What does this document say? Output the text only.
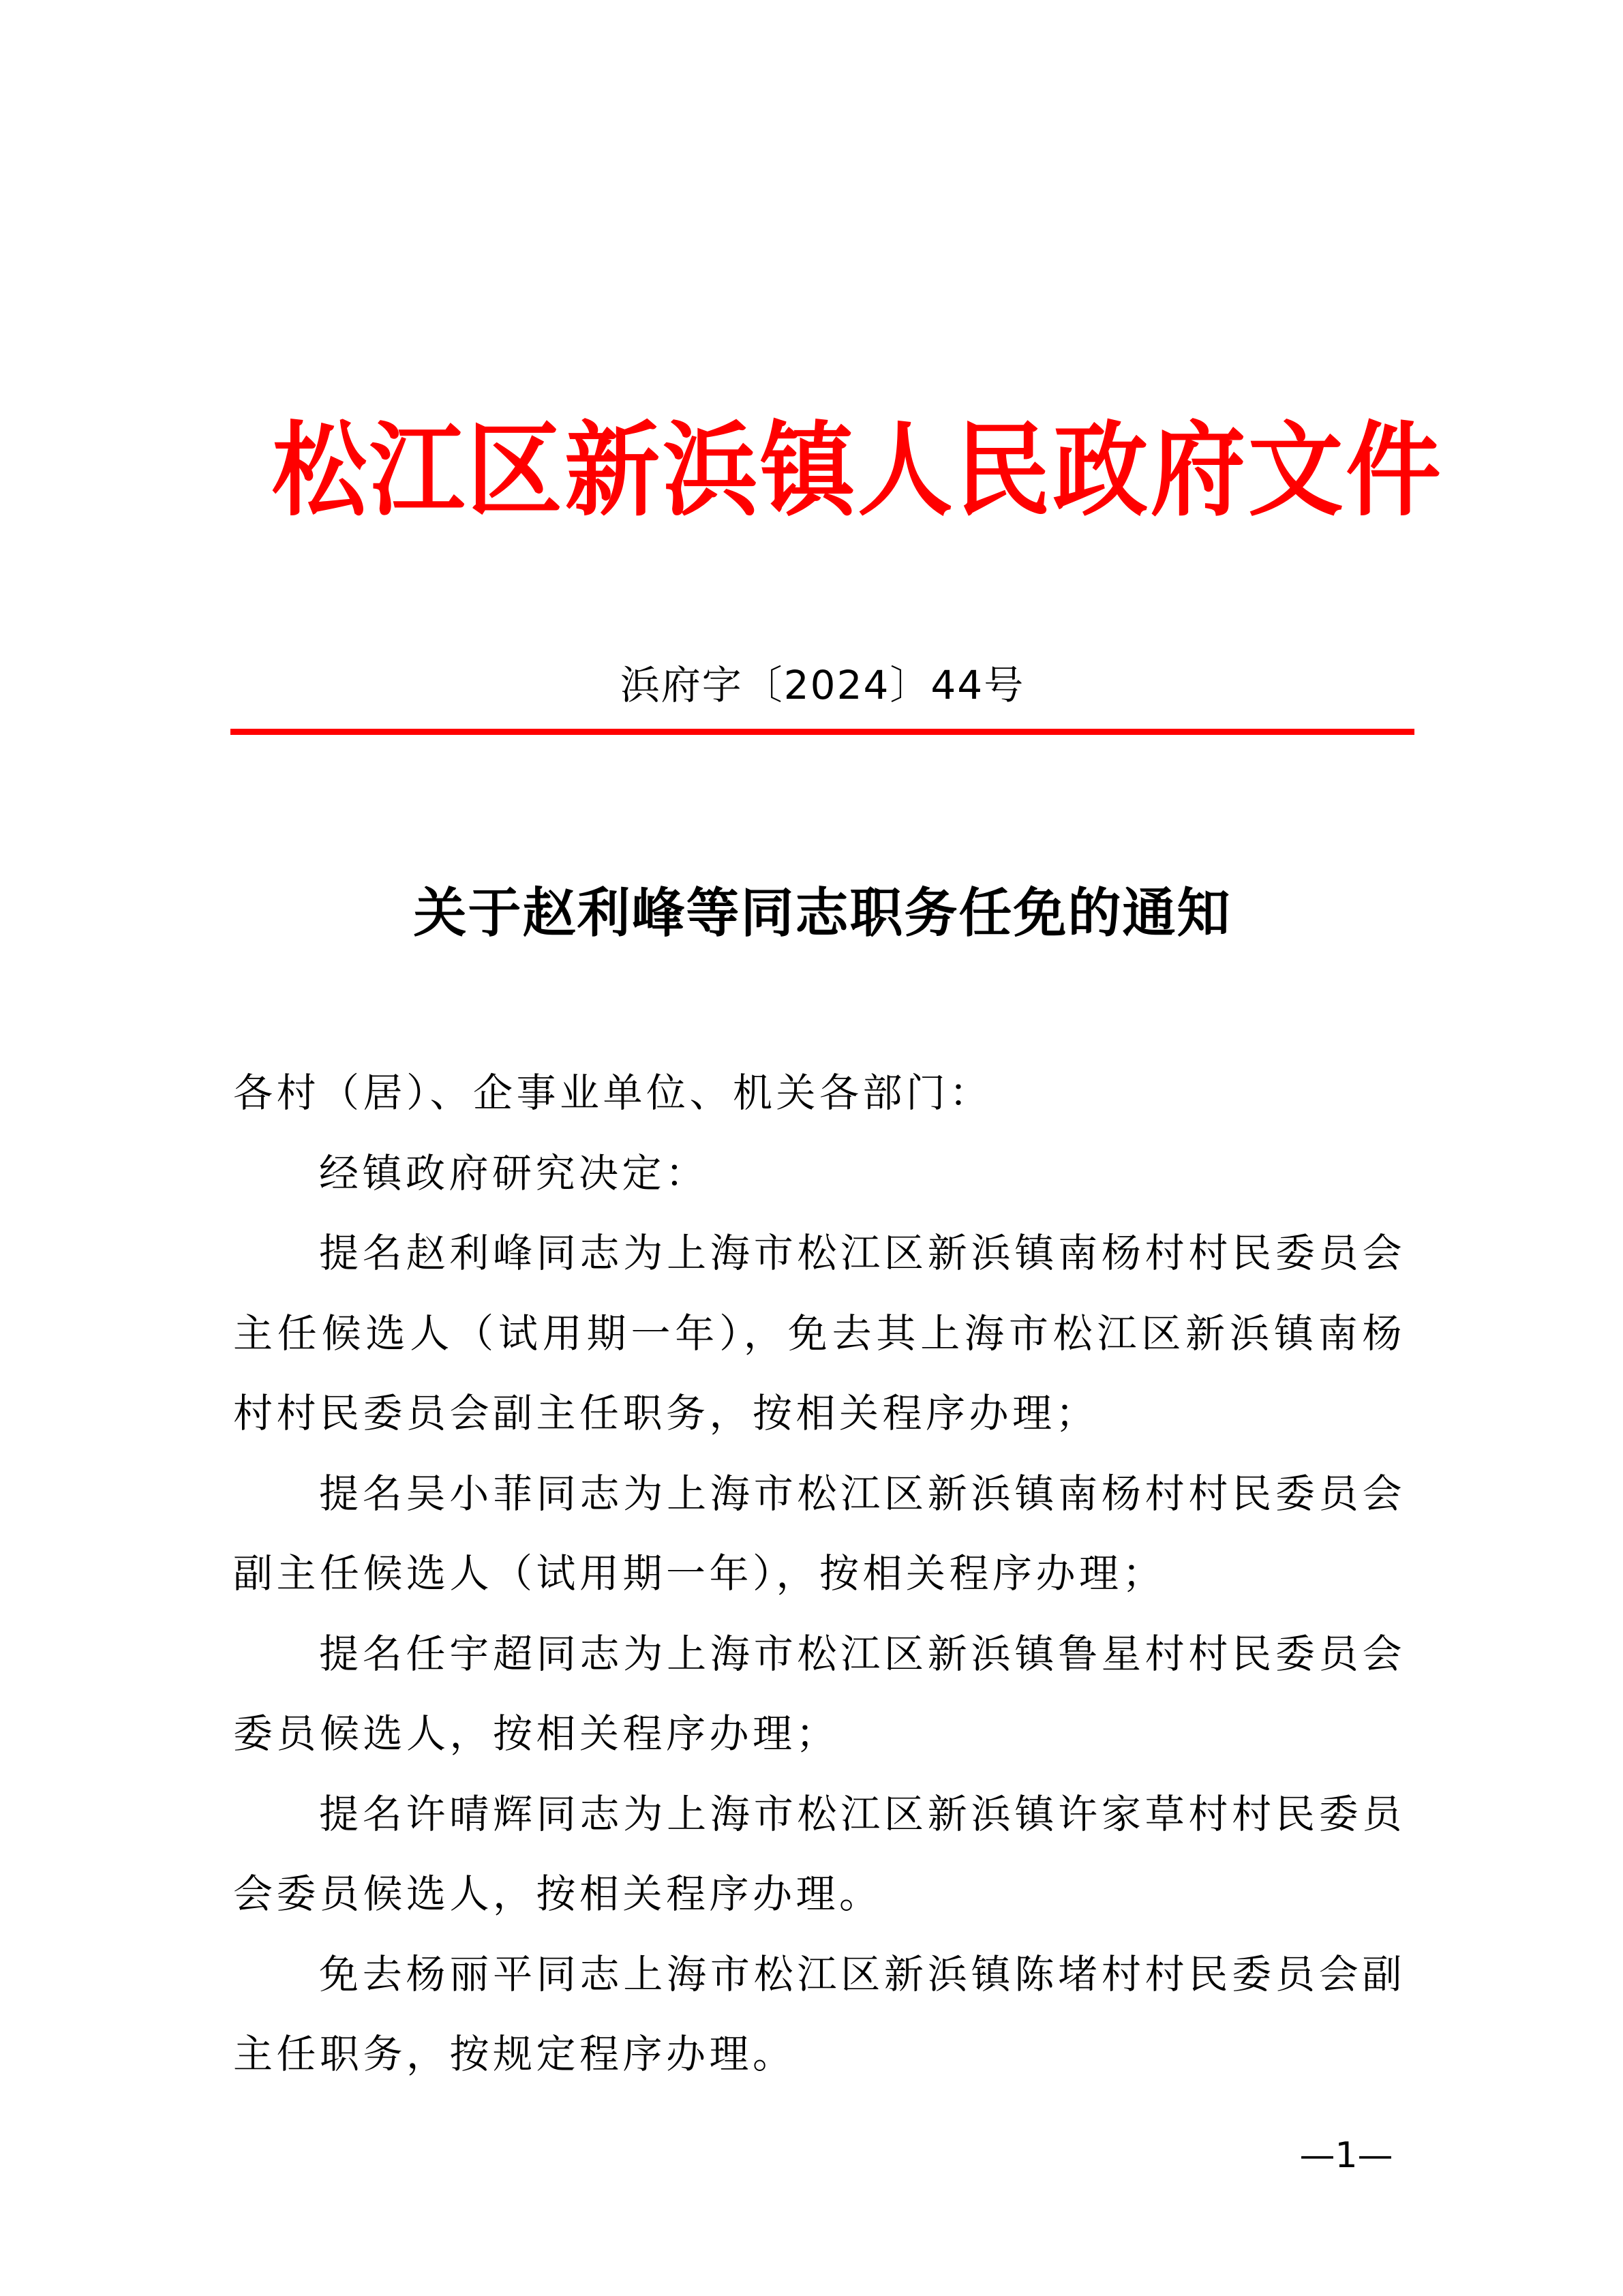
松江区新浜镇人民政府文件
浜府字〔2024〕44号
关于赵利峰等同志职务任免的通知

各村（居）、企事业单位、机关各部门：

经镇政府研究决定：

提名赵利峰同志为上海市松江区新浜镇南杨村村民委员会主任候选人（试用期一年），免去其上海市松江区新浜镇南杨村村民委员会副主任职务，按相关程序办理；

提名吴小菲同志为上海市松江区新浜镇南杨村村民委员会副主任候选人（试用期一年），按相关程序办理；

提名任宇超同志为上海市松江区新浜镇鲁星村村民委员会委员候选人，按相关程序办理；

提名许晴辉同志为上海市松江区新浜镇许家草村村民委员会委员候选人，按相关程序办理。

免去杨丽平同志上海市松江区新浜镇陈堵村村民委员会副主任职务，按规定程序办理。

—1—
